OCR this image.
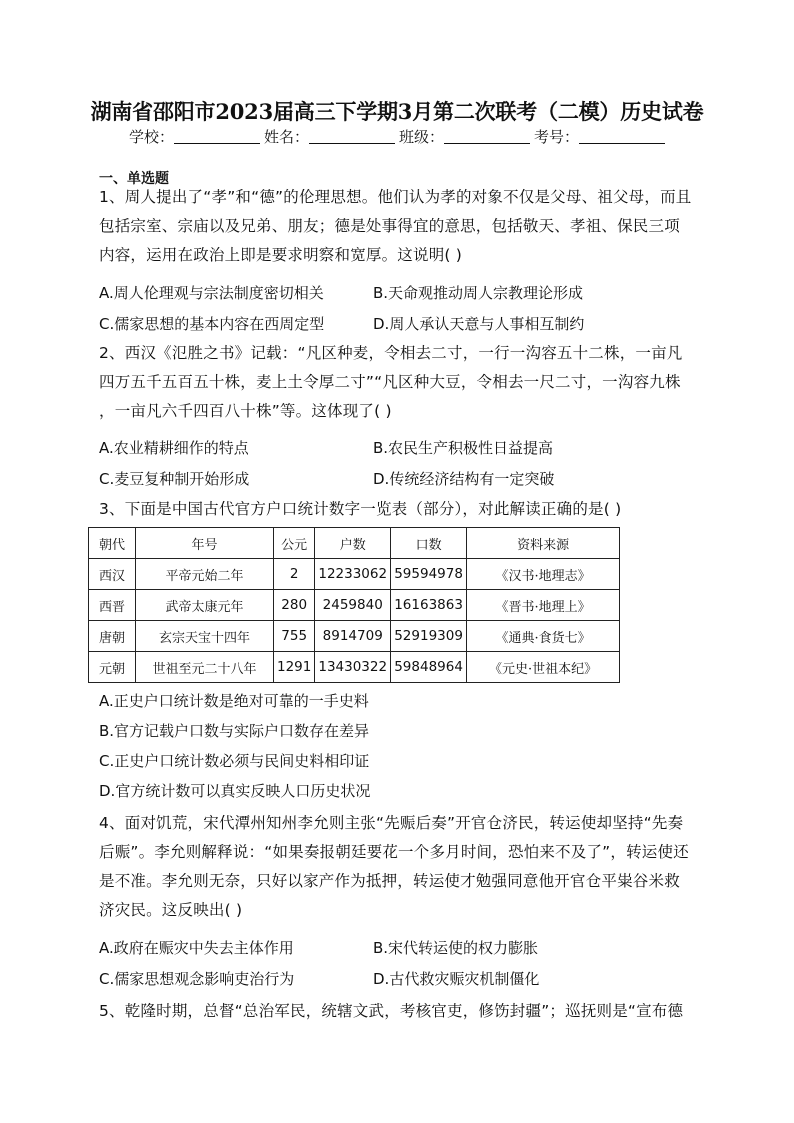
湖南省邵阳市2023届高三下学期3月第二次联考（二模）历史试卷
学校：	姓名：	班级：	考号：
一、单选题
1、周人提出了“孝”和“德”的伦理思想。他们认为孝的对象不仅是父母、祖父母，而且
包括宗室、宗庙以及兄弟、朋友；德是处事得宜的意思，包括敬天、孝祖、保民三项
内容，运用在政治上即是要求明察和宽厚。这说明( )
A.周人伦理观与宗法制度密切相关	B.天命观推动周人宗教理论形成
C.儒家思想的基本内容在西周定型	D.周人承认天意与人事相互制约
2、西汉《氾胜之书》记载：“凡区种麦，令相去二寸，一行一沟容五十二株，一亩凡
四万五千五百五十株，麦上土令厚二寸”“凡区种大豆，令相去一尺二寸，一沟容九株
，一亩凡六千四百八十株”等。这体现了( )
A.农业精耕细作的特点	B.农民生产积极性日益提高
C.麦豆复种制开始形成	D.传统经济结构有一定突破
3、下面是中国古代官方户口统计数字一览表（部分），对此解读正确的是( )
朝代	年号	公元	户数	口数	资料来源
西汉	平帝元始二年	2	12233062	59594978	《汉书·地理志》
西晋	武帝太康元年	280	2459840	16163863	《晋书·地理上》
唐朝	玄宗天宝十四年	755	8914709	52919309	《通典·食货七》
元朝	世祖至元二十八年	1291	13430322	59848964	《元史·世祖本纪》
A.正史户口统计数是绝对可靠的一手史料
B.官方记载户口数与实际户口数存在差异
C.正史户口统计数必须与民间史料相印证
D.官方统计数可以真实反映人口历史状况
4、面对饥荒，宋代潭州知州李允则主张“先赈后奏”开官仓济民，转运使却坚持“先奏
后赈”。李允则解释说：“如果奏报朝廷要花一个多月时间，恐怕来不及了”，转运使还
是不准。李允则无奈，只好以家产作为抵押，转运使才勉强同意他开官仓平粜谷米救
济灾民。这反映出( )
A.政府在赈灾中失去主体作用	B.宋代转运使的权力膨胀
C.儒家思想观念影响吏治行为	D.古代救灾赈灾机制僵化
5、乾隆时期，总督“总治军民，统辖文武，考核官吏，修饬封疆”；巡抚则是“宣布德
